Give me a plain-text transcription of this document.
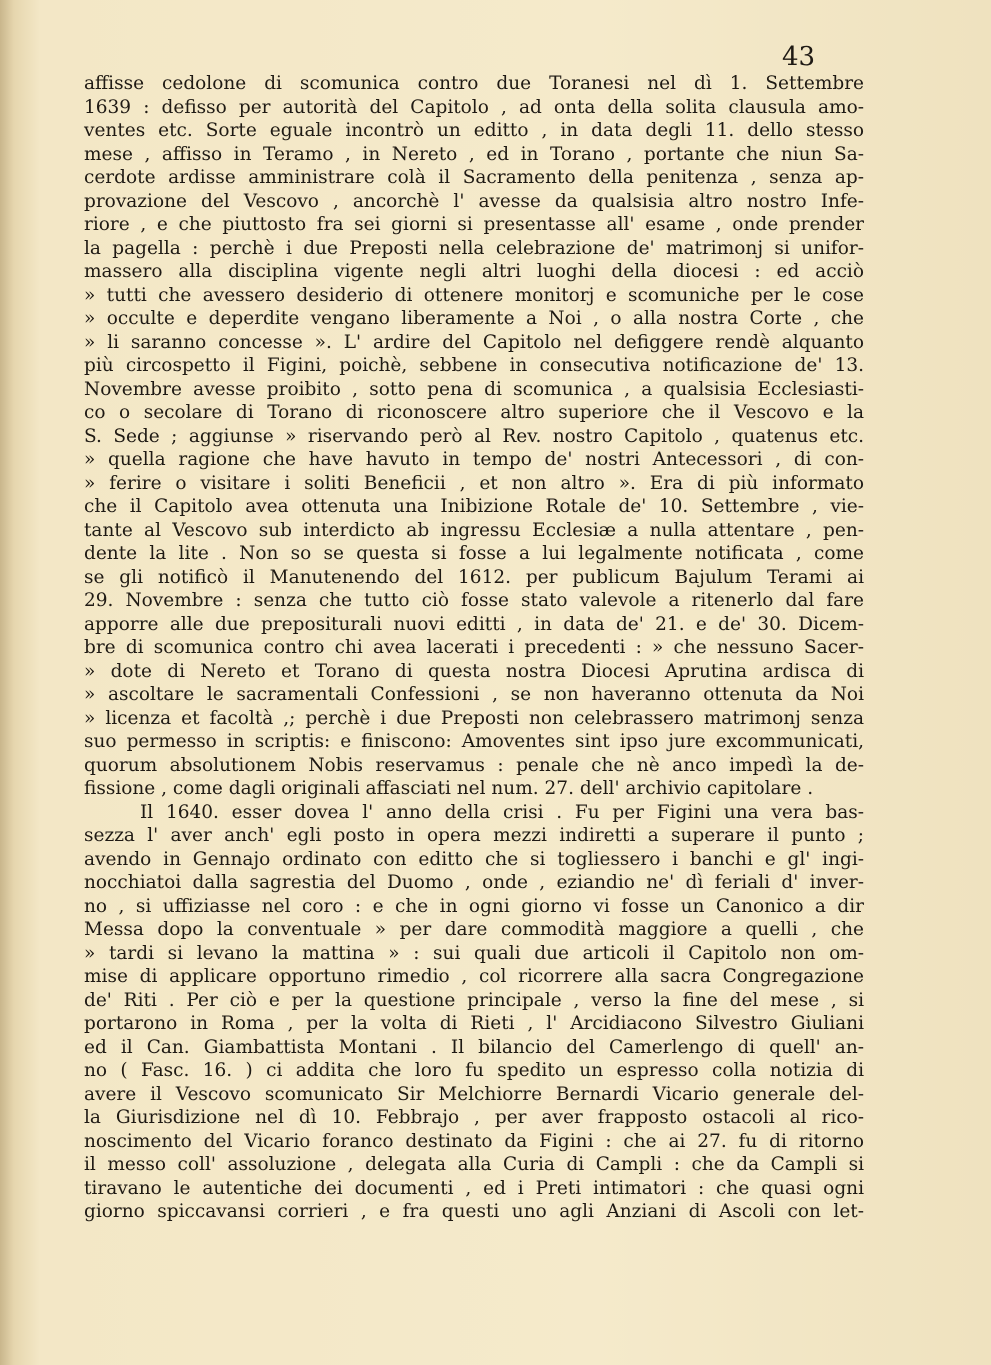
43
affisse cedolone di scomunica contro due Toranesi nel dì 1. Settembre
1639 : defisso per autorità del Capitolo , ad onta della solita clausula amo-
ventes etc. Sorte eguale incontrò un editto , in data degli 11. dello stesso
mese , affisso in Teramo , in Nereto , ed in Torano , portante che niun Sa-
cerdote ardisse amministrare colà il Sacramento della penitenza , senza ap-
provazione del Vescovo , ancorchè l' avesse da qualsisia altro nostro Infe-
riore , e che piuttosto fra sei giorni si presentasse all' esame , onde prender
la pagella : perchè i due Preposti nella celebrazione de' matrimonj si unifor-
massero alla disciplina vigente negli altri luoghi della diocesi : ed acciò
» tutti che avessero desiderio di ottenere monitorj e scomuniche per le cose
» occulte e deperdite vengano liberamente a Noi , o alla nostra Corte , che
» li saranno concesse ». L' ardire del Capitolo nel defiggere rendè alquanto
più circospetto il Figini, poichè, sebbene in consecutiva notificazione de' 13.
Novembre avesse proibito , sotto pena di scomunica , a qualsisia Ecclesiasti-
co o secolare di Torano di riconoscere altro superiore che il Vescovo e la
S. Sede ; aggiunse » riservando però al Rev. nostro Capitolo , quatenus etc.
» quella ragione che have havuto in tempo de' nostri Antecessori , di con-
» ferire o visitare i soliti Beneficii , et non altro ». Era di più informato
che il Capitolo avea ottenuta una Inibizione Rotale de' 10. Settembre , vie-
tante al Vescovo sub interdicto ab ingressu Ecclesiæ a nulla attentare , pen-
dente la lite . Non so se questa si fosse a lui legalmente notificata , come
se gli notificò il Manutenendo del 1612. per publicum Bajulum Terami ai
29. Novembre : senza che tutto ciò fosse stato valevole a ritenerlo dal fare
apporre alle due prepositurali nuovi editti , in data de' 21. e de' 30. Dicem-
bre di scomunica contro chi avea lacerati i precedenti : » che nessuno Sacer-
» dote di Nereto et Torano di questa nostra Diocesi Aprutina ardisca di
» ascoltare le sacramentali Confessioni , se non haveranno ottenuta da Noi
» licenza et facoltà ,; perchè i due Preposti non celebrassero matrimonj senza
suo permesso in scriptis: e finiscono: Amoventes sint ipso jure excommunicati,
quorum absolutionem Nobis reservamus : penale che nè anco impedì la de-
fissione , come dagli originali affasciati nel num. 27. dell' archivio capitolare .
Il 1640. esser dovea l' anno della crisi . Fu per Figini una vera bas-
sezza l' aver anch' egli posto in opera mezzi indiretti a superare il punto ;
avendo in Gennajo ordinato con editto che si togliessero i banchi e gl' ingi-
nocchiatoi dalla sagrestia del Duomo , onde , eziandio ne' dì feriali d' inver-
no , si uffiziasse nel coro : e che in ogni giorno vi fosse un Canonico a dir
Messa dopo la conventuale » per dare commodità maggiore a quelli , che
» tardi si levano la mattina » : sui quali due articoli il Capitolo non om-
mise di applicare opportuno rimedio , col ricorrere alla sacra Congregazione
de' Riti . Per ciò e per la questione principale , verso la fine del mese , si
portarono in Roma , per la volta di Rieti , l' Arcidiacono Silvestro Giuliani
ed il Can. Giambattista Montani . Il bilancio del Camerlengo di quell' an-
no ( Fasc. 16. ) ci addita che loro fu spedito un espresso colla notizia di
avere il Vescovo scomunicato Sir Melchiorre Bernardi Vicario generale del-
la Giurisdizione nel dì 10. Febbrajo , per aver frapposto ostacoli al rico-
noscimento del Vicario foranco destinato da Figini : che ai 27. fu di ritorno
il messo coll' assoluzione , delegata alla Curia di Campli : che da Campli si
tiravano le autentiche dei documenti , ed i Preti intimatori : che quasi ogni
giorno spiccavansi corrieri , e fra questi uno agli Anziani di Ascoli con let-
